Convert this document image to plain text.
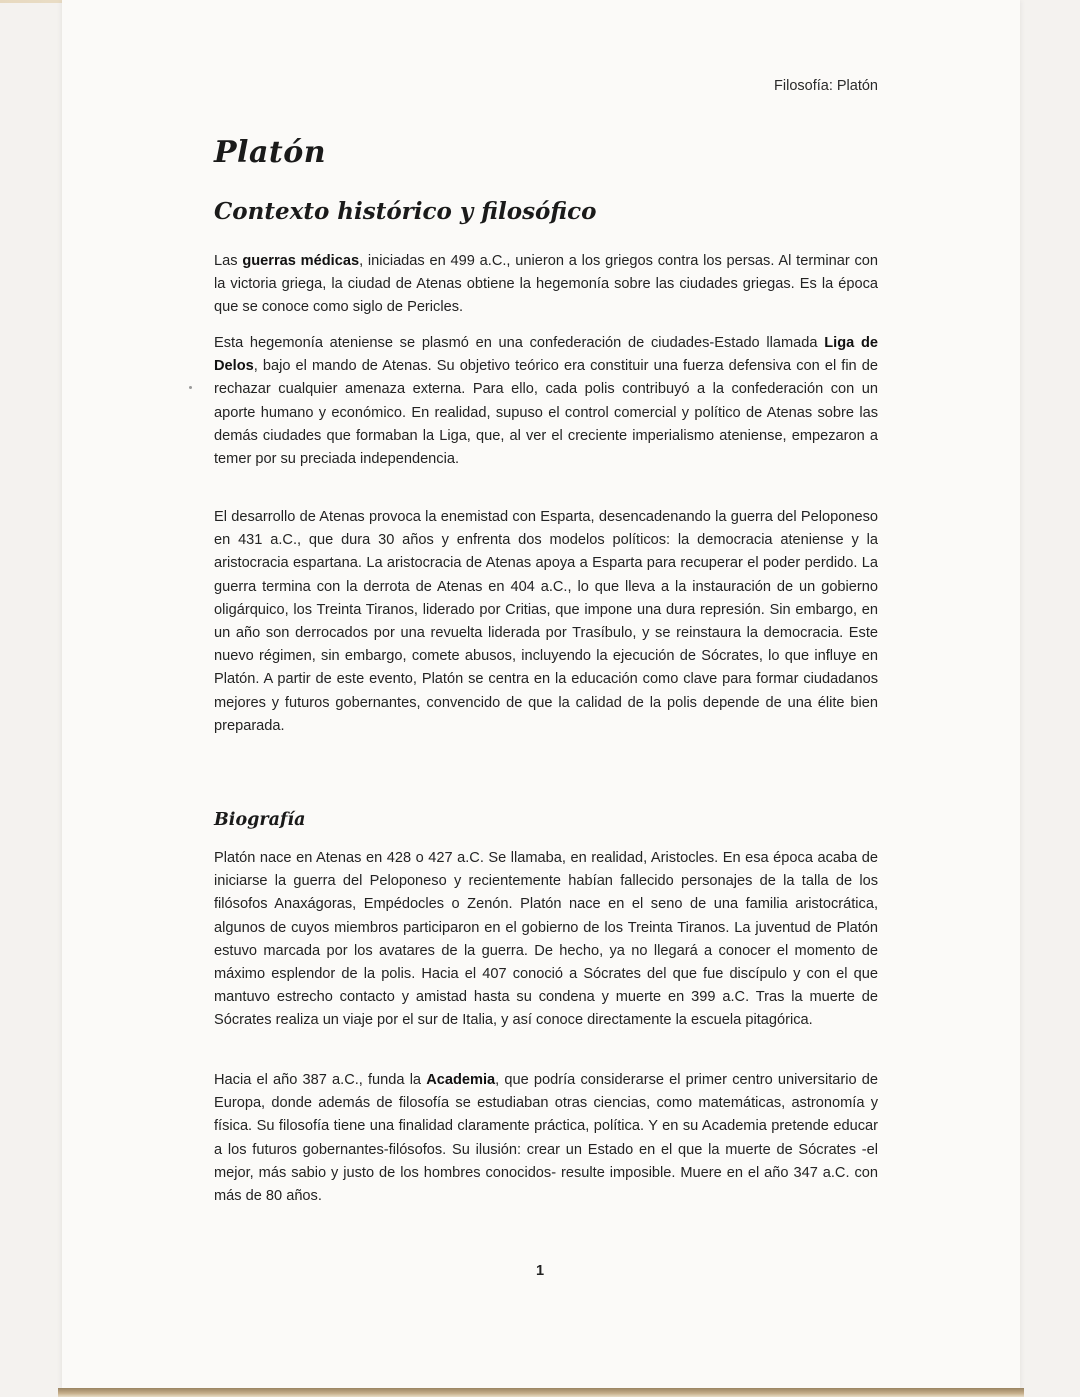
Filosofía: Platón
Platón
Contexto histórico y filosófico

Las guerras médicas, iniciadas en 499 a.C., unieron a los griegos contra los persas. Al terminar con la victoria griega, la ciudad de Atenas obtiene la hegemonía sobre las ciudades griegas. Es la época que se conoce como siglo de Pericles.

Esta hegemonía ateniense se plasmó en una confederación de ciudades-Estado llamada Liga de Delos, bajo el mando de Atenas. Su objetivo teórico era constituir una fuerza defensiva con el fin de rechazar cualquier amenaza externa. Para ello, cada polis contribuyó a la confederación con un aporte humano y económico. En realidad, supuso el control comercial y político de Atenas sobre las demás ciudades que formaban la Liga, que, al ver el creciente imperialismo ateniense, empezaron a temer por su preciada independencia.

El desarrollo de Atenas provoca la enemistad con Esparta, desencadenando la guerra del Peloponeso en 431 a.C., que dura 30 años y enfrenta dos modelos políticos: la democracia ateniense y la aristocracia espartana. La aristocracia de Atenas apoya a Esparta para recuperar el poder perdido. La guerra termina con la derrota de Atenas en 404 a.C., lo que lleva a la instauración de un gobierno oligárquico, los Treinta Tiranos, liderado por Critias, que impone una dura represión. Sin embargo, en un año son derrocados por una revuelta liderada por Trasíbulo, y se reinstaura la democracia. Este nuevo régimen, sin embargo, comete abusos, incluyendo la ejecución de Sócrates, lo que influye en Platón. A partir de este evento, Platón se centra en la educación como clave para formar ciudadanos mejores y futuros gobernantes, convencido de que la calidad de la polis depende de una élite bien preparada.

Biografía

Platón nace en Atenas en 428 o 427 a.C. Se llamaba, en realidad, Aristocles. En esa época acaba de iniciarse la guerra del Peloponeso y recientemente habían fallecido personajes de la talla de los filósofos Anaxágoras, Empédocles o Zenón. Platón nace en el seno de una familia aristocrática, algunos de cuyos miembros participaron en el gobierno de los Treinta Tiranos. La juventud de Platón estuvo marcada por los avatares de la guerra. De hecho, ya no llegará a conocer el momento de máximo esplendor de la polis. Hacia el 407 conoció a Sócrates del que fue discípulo y con el que mantuvo estrecho contacto y amistad hasta su condena y muerte en 399 a.C. Tras la muerte de Sócrates realiza un viaje por el sur de Italia, y así conoce directamente la escuela pitagórica.

Hacia el año 387 a.C., funda la Academia, que podría considerarse el primer centro universitario de Europa, donde además de filosofía se estudiaban otras ciencias, como matemáticas, astronomía y física. Su filosofía tiene una finalidad claramente práctica, política. Y en su Academia pretende educar a los futuros gobernantes-filósofos. Su ilusión: crear un Estado en el que la muerte de Sócrates -el mejor, más sabio y justo de los hombres conocidos- resulte imposible. Muere en el año 347 a.C. con más de 80 años.

1
